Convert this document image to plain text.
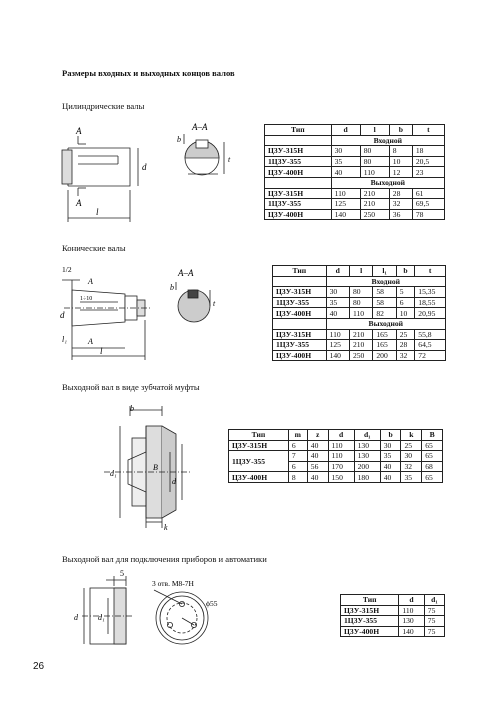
Размеры входных и выходных концов валов
Цилиндрические валы
А
А
d
l
А–А
b
t
Тип	d	l	b	t
	Входной			
Ц3У-315Н	30	80	8	18
1Ц3У-355	35	80	10	20,5
Ц3У-400Н	40	110	12	23
	Выходной			
Ц3У-315Н	110	210	28	61
1Ц3У-355	125	210	32	69,5
Ц3У-400Н	140	250	36	78
Конические валы
1/2
1÷10
d
l₁
l
А
А
А–А
b
t
Тип	d	l	l₁	b	t
	Входной				
Ц3У-315Н	30	80	58	5	15,35
1Ц3У-355	35	80	58	6	18,55
Ц3У-400Н	40	110	82	10	20,95
	Выходной				
Ц3У-315Н	110	210	165	25	55,8
1Ц3У-355	125	210	165	28	64,5
Ц3У-400Н	140	250	200	32	72
Выходной вал в виде зубчатой муфты
b
B
d₁
d
k
Тип	m	z	d	d₁	b	k	B
Ц3У-315Н	6	40	110	130	30	25	65
1Ц3У-355	7	40	110	130	35	30	65
	6	56	170	200	40	32	68
Ц3У-400Н	8	40	150	180	40	35	65
Выходной вал для подключения приборов и автоматики
5
3 отв. М8-7Н
ϕ55
d	d₁
Тип	d	d₁
Ц3У-315Н	110	75
1Ц3У-355	130	75
Ц3У-400Н	140	75
26
